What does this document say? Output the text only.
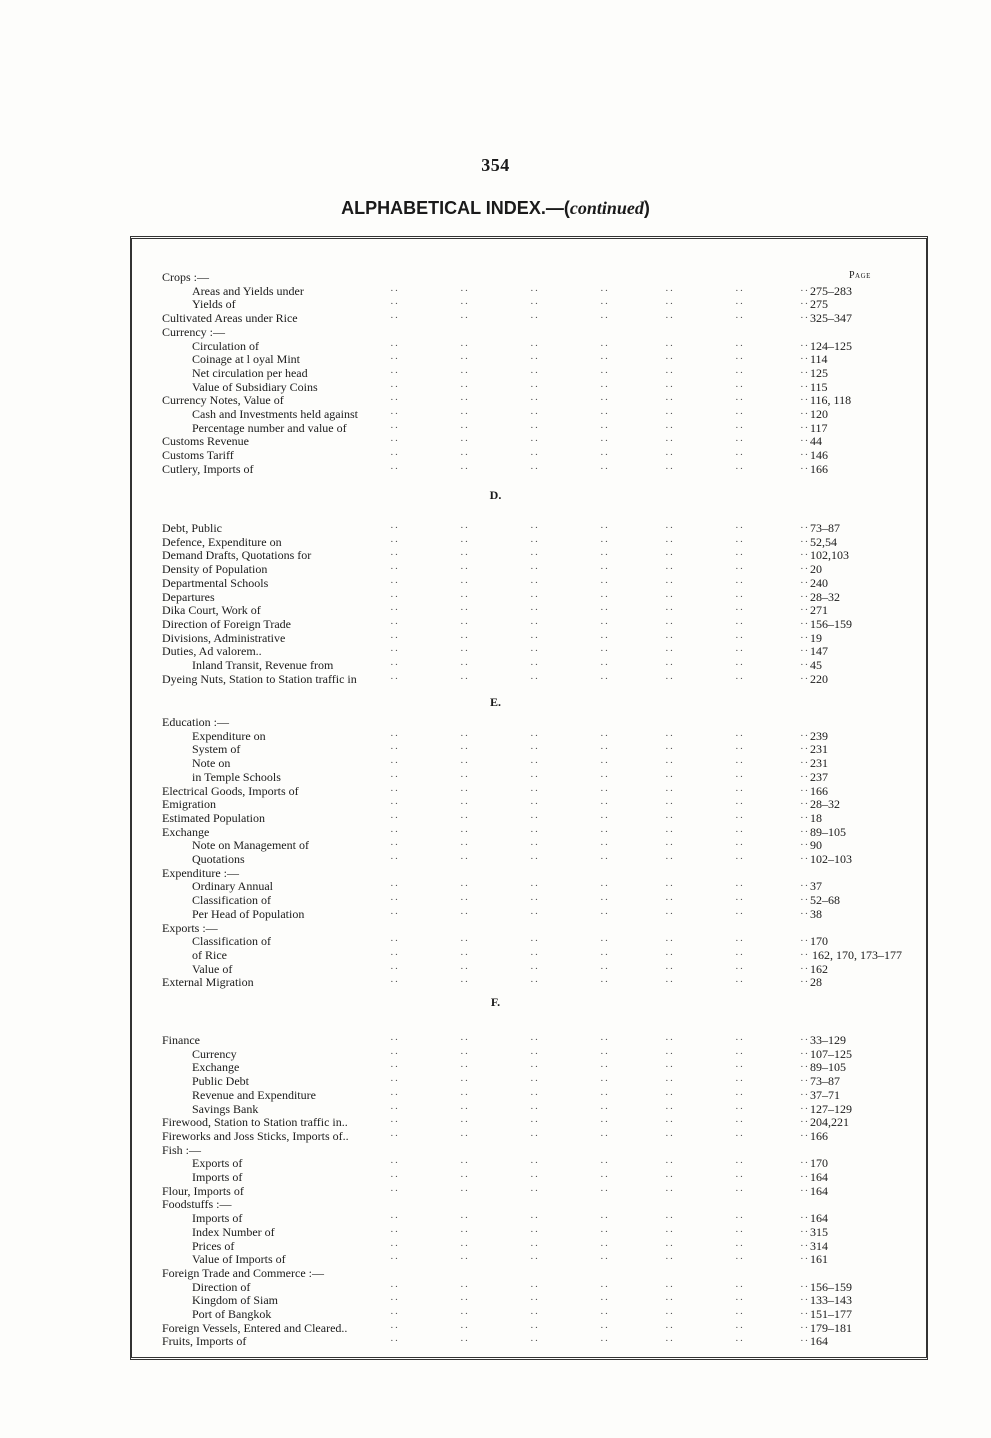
354
ALPHABETICAL INDEX.—(continued)
Page
Crops :—
Areas and Yields under	··	··	··	··	··	··	·· 275–283
Yields of	··	··	··	··	··	··	·· 275
Cultivated Areas under Rice	··	··	··	··	··	··	·· 325–347
Currency :—
Circulation of	··	··	··	··	··	··	·· 124–125
Coinage at l oyal Mint	··	··	··	··	··	··	·· 114
Net circulation per head	··	··	··	··	··	··	·· 125
Value of Subsidiary Coins	··	··	··	··	··	··	·· 115
Currency Notes, Value of	··	··	··	··	··	··	·· 116, 118
Cash and Investments held against	··	··	··	··	··	··	·· 120
Percentage number and value of	··	··	··	··	··	··	·· 117
Customs Revenue	··	··	··	··	··	··	·· 44
Customs Tariff	··	··	··	··	··	··	·· 146
Cutlery, Imports of	··	··	··	··	··	··	·· 166
D.
Debt, Public	··	··	··	··	··	··	·· 73–87
Defence, Expenditure on	··	··	··	··	··	··	·· 52,54
Demand Drafts, Quotations for	··	··	··	··	··	··	·· 102,103
Density of Population	··	··	··	··	··	··	·· 20
Departmental Schools	··	··	··	··	··	··	·· 240
Departures	··	··	··	··	··	··	·· 28–32
Dika Court, Work of	··	··	··	··	··	··	·· 271
Direction of Foreign Trade	··	··	··	··	··	··	·· 156–159
Divisions, Administrative	··	··	··	··	··	··	·· 19
Duties, Ad valorem..	··	··	··	··	··	··	·· 147
Inland Transit, Revenue from	··	··	··	··	··	··	·· 45
Dyeing Nuts, Station to Station traffic in	··	··	··	··	··	··	·· 220
E.
Education :—
Expenditure on	··	··	··	··	··	··	·· 239
System of	··	··	··	··	··	··	·· 231
Note on	··	··	··	··	··	··	·· 231
in Temple Schools	··	··	··	··	··	··	·· 237
Electrical Goods, Imports of	··	··	··	··	··	··	·· 166
Emigration	··	··	··	··	··	··	·· 28–32
Estimated Population	··	··	··	··	··	··	·· 18
Exchange	··	··	··	··	··	··	·· 89–105
Note on Management of	··	··	··	··	··	··	·· 90
Quotations	··	··	··	··	··	··	·· 102–103
Expenditure :—
Ordinary Annual	··	··	··	··	··	··	·· 37
Classification of	··	··	··	··	··	··	·· 52–68
Per Head of Population	··	··	··	··	··	··	·· 38
Exports :—
Classification of	··	··	··	··	··	··	·· 170
of Rice	··	··	··	··	··	··	·· 162, 170, 173–177
Value of	··	··	··	··	··	··	·· 162
External Migration	··	··	··	··	··	··	·· 28
F.
Finance	··	··	··	··	··	··	·· 33–129
Currency	··	··	··	··	··	··	·· 107–125
Exchange	··	··	··	··	··	··	·· 89–105
Public Debt	··	··	··	··	··	··	·· 73–87
Revenue and Expenditure	··	··	··	··	··	··	·· 37–71
Savings Bank	··	··	··	··	··	··	·· 127–129
Firewood, Station to Station traffic in..	··	··	··	··	··	··	·· 204,221
Fireworks and Joss Sticks, Imports of..	··	··	··	··	··	··	·· 166
Fish :—
Exports of	··	··	··	··	··	··	·· 170
Imports of	··	··	··	··	··	··	·· 164
Flour, Imports of	··	··	··	··	··	··	·· 164
Foodstuffs :—
Imports of	··	··	··	··	··	··	·· 164
Index Number of	··	··	··	··	··	··	·· 315
Prices of	··	··	··	··	··	··	·· 314
Value of Imports of	··	··	··	··	··	··	·· 161
Foreign Trade and Commerce :—
Direction of	··	··	··	··	··	··	·· 156–159
Kingdom of Siam	··	··	··	··	··	··	·· 133–143
Port of Bangkok	··	··	··	··	··	··	·· 151–177
Foreign Vessels, Entered and Cleared..	··	··	··	··	··	··	·· 179–181
Fruits, Imports of	··	··	··	··	··	··	·· 164
